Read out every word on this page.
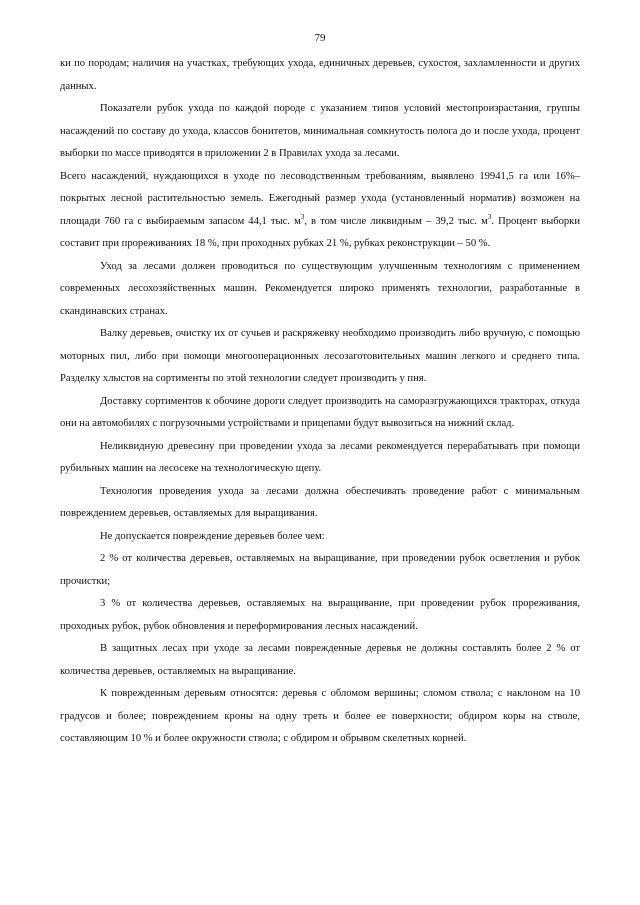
79

ки по породам; наличия на участках, требующих ухода, единичных деревьев, сухостоя, захламленности и других данных.

Показатели рубок ухода по каждой породе с указанием типов условий местопроизрастания, группы насаждений по составу до ухода, классов бонитетов, минимальная сомкнутость полога до и после ухода, процент выборки по массе приводятся в приложении 2 в Правилах ухода за лесами.

Всего насаждений, нуждающихся в уходе по лесоводственным требованиям, выявлено 19941,5 га или 16%– покрытых лесной растительностью земель. Ежегодный размер ухода (установленный норматив) возможен на площади 760 га с выбираемым запасом 44,1 тыс. $м^3$, в том числе ликвидным – 39,2 тыс. $м^3$. Процент выборки составит при прореживаниях 18 %, при проходных рубках 21 %, рубках реконструкции – 50 %.

Уход за лесами должен проводиться по существующим улучшенным технологиям с применением современных лесохозяйственных машин. Рекомендуется широко применять технологии, разработанные в скандинавских странах.

Валку деревьев, очистку их от сучьев и раскряжевку необходимо производить либо вручную, с помощью моторных пил, либо при помощи многооперационных лесозаготовительных машин легкого и среднего типа. Разделку хлыстов на сортименты по этой технологии следует производить у пня.

Доставку сортиментов к обочине дороги следует производить на саморазгружающихся тракторах, откуда они на автомобилях с погрузочными устройствами и прицепами будут вывозиться на нижний склад.

Неликвидную древесину при проведении ухода за лесами рекомендуется перерабатывать при помощи рубильных машин на лесосеке на технологическую щепу.

Технология проведения ухода за лесами должна обеспечивать проведение работ с минимальным повреждением деревьев, оставляемых для выращивания.

Не допускается повреждение деревьев более чем:

2 % от количества деревьев, оставляемых на выращивание, при проведении рубок осветления и рубок прочистки;

3 % от количества деревьев, оставляемых на выращивание, при проведении рубок прореживания, проходных рубок, рубок обновления и переформирования лесных насаждений.

В защитных лесах при уходе за лесами поврежденные деревья не должны составлять более 2 % от количества деревьев, оставляемых на выращивание.

К поврежденным деревьям относятся: деревья с обломом вершины; сломом ствола; с наклоном на 10 градусов и более; повреждением кроны на одну треть и более ее поверхности; обдиром коры на стволе, составляющим 10 % и более окружности ствола; с обдиром и обрывом скелетных корней.
